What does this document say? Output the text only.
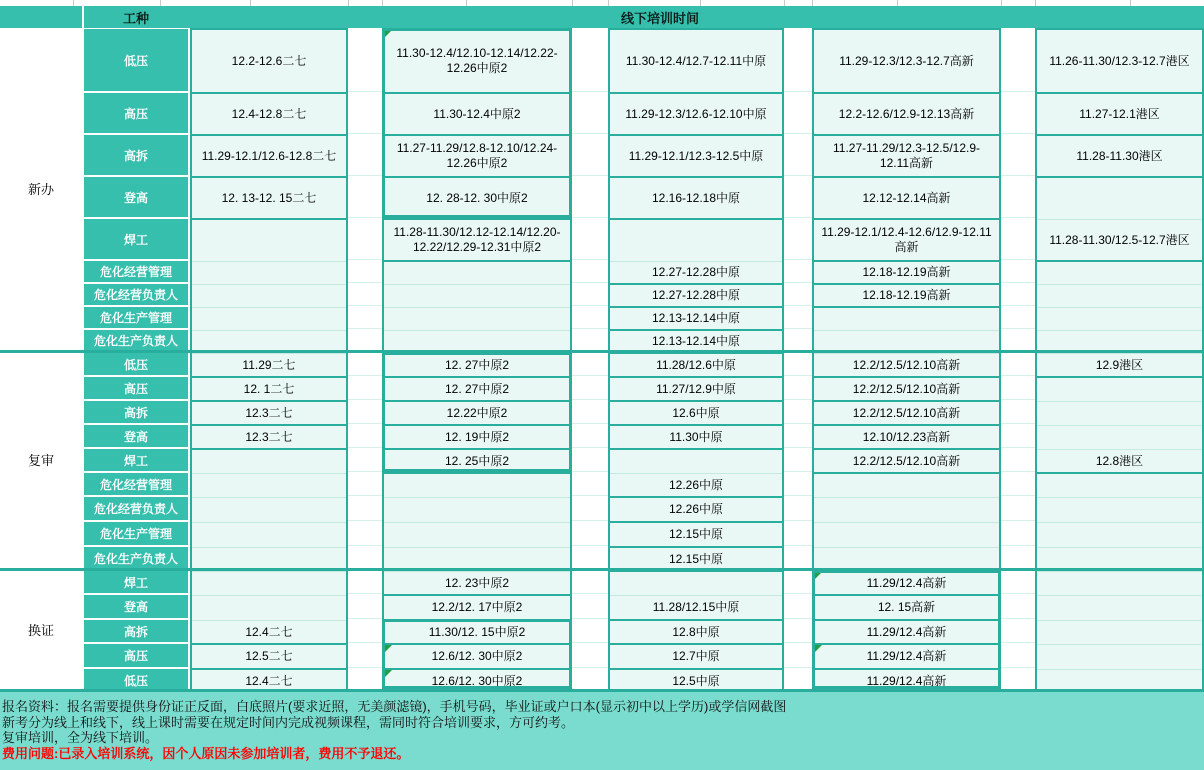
工种	线下培训时间
低压
高压
高拆
登高
焊工
危化经营管理
危化经营负责人
危化生产管理
危化生产负责人
低压
高压
高拆
登高
焊工
危化经营管理
危化经营负责人
危化生产管理
危化生产负责人
焊工
登高
高拆
高压
低压
12.2-12.6二七
12.4-12.8二七
11.29-12.1/12.6-12.8二七
12. 13-12. 15二七
11.29二七
12. 1二七
12.3二七
12.3二七
12.4二七
12.5二七
12.4二七
11.30-12.4/12.10-12.14/12.22-12.26中原2
11.30-12.4中原2
11.27-11.29/12.8-12.10/12.24-12.26中原2
12. 28-12. 30中原2
11.28-11.30/12.12-12.14/12.20-12.22/12.29-12.31中原2
12. 27中原2
12. 27中原2
12.22中原2
12. 19中原2
12. 25中原2
12. 23中原2
12.2/12. 17中原2
11.30/12. 15中原2
12.6/12. 30中原2
12.6/12. 30中原2
11.30-12.4/12.7-12.11中原
11.29-12.3/12.6-12.10中原
11.29-12.1/12.3-12.5中原
12.16-12.18中原
12.27-12.28中原
12.27-12.28中原
12.13-12.14中原
12.13-12.14中原
11.28/12.6中原
11.27/12.9中原
12.6中原
11.30中原
12.26中原
12.26中原
12.15中原
12.15中原
11.28/12.15中原
12.8中原
12.7中原
12.5中原
11.29-12.3/12.3-12.7高新
12.2-12.6/12.9-12.13高新
11.27-11.29/12.3-12.5/12.9-12.11高新
12.12-12.14高新
11.29-12.1/12.4-12.6/12.9-12.11高新
12.18-12.19高新
12.18-12.19高新
12.2/12.5/12.10高新
12.2/12.5/12.10高新
12.2/12.5/12.10高新
12.10/12.23高新
12.2/12.5/12.10高新
11.29/12.4高新
12. 15高新
11.29/12.4高新
11.29/12.4高新
11.29/12.4高新
11.26-11.30/12.3-12.7港区
11.27-12.1港区
11.28-11.30港区
11.28-11.30/12.5-12.7港区
12.9港区
12.8港区
新办
复审
换证

报名资料：报名需要提供身份证正反面，白底照片(要求近照，无美颜滤镜)，手机号码，毕业证或户口本(显示初中以上学历)或学信网截图

新考分为线上和线下，线上课时需要在规定时间内完成视频课程，需同时符合培训要求，方可约考。

复审培训，全为线下培训。

费用问题:已录入培训系统，因个人原因未参加培训者，费用不予退还。
